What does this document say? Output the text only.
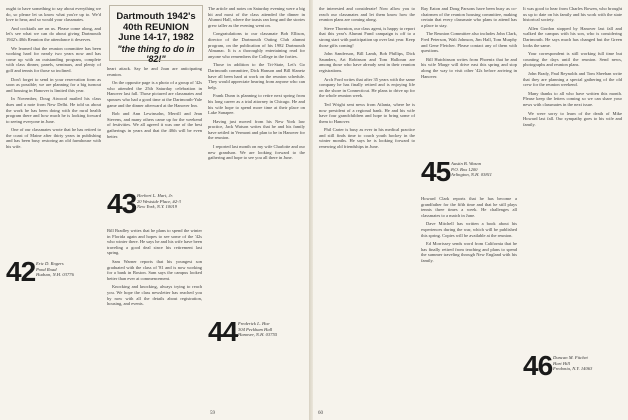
ought to have something to say about everything we do, so please let us know what you're up to. We'd love to hear, and so would your classmates.

And cocktails are on us. Please come along, and let's see what we can do about giving Dartmouth 1942's 40th Reunion the attendance it deserves.

We learned that the reunion committee has been working hard for nearly two years now and has come up with an outstanding program, complete with class dinner, panels, seminars, and plenty of golf and tennis for those so inclined.

Don't forget to send in your reservation form as soon as possible; we are planning for a big turnout and housing in Hanover is limited this year.

In November, Doug Atwood mailed his class dues and a note from New Delhi. He told us about the work he has been doing with the rural health program there and how much he is looking forward to seeing everyone in June.

One of our classmates wrote that he has retired to the coast of Maine after thirty years in publishing and has been busy restoring an old farmhouse with his wife.

heart attack. Say he and Joan are anticipating reunion.

On the opposite page is a photo of a group of '42s who attended the 25th Saturday celebration in Hanover last fall. Those pictured are classmates and spouses who had a good time at the Dartmouth-Yale game and the dinner afterward at the Hanover Inn.

Bob and Ann Lewinsohn, Merrill and Jean Stevens, and many others came up for the weekend of festivities. We all agreed it was one of the best gatherings in years and that the 40th will be even better.

Bill Bradley writes that he plans to spend the winter in Florida again and hopes to see some of the '42s who winter there. He says he and his wife have been traveling a good deal since his retirement last spring.

Sam Warner reports that his youngest son graduated with the class of '81 and is now working for a bank in Boston. Sam says the campus looked better than ever at commencement.

Knocking and knocking, always trying to reach you. We hope the class newsletter has reached you by now with all the details about registration, housing, and events.

The article and notes on Saturday evening were a big hit and most of the class attended the dinner in Alumni Hall, where the toasts ran long and the stories grew taller as the evening went on.

Congratulations to our classmate Bob Ellison, director of the Dartmouth Outing Club alumni program, on the publication of his 1982 Dartmouth Almanac. It is a thoroughly entertaining read for anyone who remembers the College in the forties.

Those in addition to the Tri-State, Let's Go Dartmouth committee, Dick Hanson and Bill Slanetz have all been hard at work on the reunion schedule. They would appreciate hearing from anyone who can help.

Frank Dunn is planning to retire next spring from his long career as a trial attorney in Chicago. He and his wife hope to spend more time at their place on Lake Sunapee.

Having just moved from his New York law practice, Jack Watson writes that he and his family have settled in Vermont and plan to be in Hanover for the reunion.

I reported last month on my wife Charlotte and our new grandson. We are looking forward to the gathering and hope to see you all there in June.

the interested and considerate! Now allow you to reach our classmates and let them know how the reunion plans are coming along.

Steve Thornton, our class agent, is happy to report that this year's Alumni Fund campaign is off to a strong start with participation up over last year. Keep those gifts coming!

John Sanderson, Bill Lamb, Bob Phillips, Dick Saunders, Art Robinson and Tom Halloran are among those who have already sent in their reunion registrations.

Arch Ford writes that after 35 years with the same company he has finally retired and is enjoying life on the shore in Connecticut. He plans to drive up for the whole reunion week.

Ted Wright sent news from Atlanta, where he is now president of a regional bank. He and his wife have four grandchildren and hope to bring some of them to Hanover.

Phil Carter is busy as ever in his medical practice and still finds time to coach youth hockey in the winter months. He says he is looking forward to renewing old friendships in June.

Ray Eaton and Doug Parsons have been busy as co-chairmen of the reunion housing committee, making certain that every classmate who plans to attend has a place to stay.

The Reunion Committee also includes John Clark, Fred Peterson, Walt Johnson, Jim Hall, Tom Murphy and Gene Fletcher. Please contact any of them with questions.

Bill Hutchinson writes from Phoenix that he and his wife Marge will drive east this spring and stop along the way to visit other '42s before arriving in Hanover.

Howard Clark reports that he has become a grandfather for the fifth time and that he still plays tennis three times a week. He challenges all classmates to a match in June.

Dave Mitchell has written a book about his experiences during the war, which will be published this spring. Copies will be available at the reunion.

Ed Morrissey sends word from California that he has finally retired from teaching and plans to spend the summer traveling through New England with his family.

It was good to hear from Charles Bowen, who brought us up to date on his family and his work with the state historical society.

Allen Gordon stopped by Hanover last fall and walked the campus with his son, who is considering Dartmouth. He says much has changed but the Green looks the same.

Your correspondent is still working full time but counting the days until the reunion. Send news, photographs and reunion plans.

John Brady, Paul Reynolds and Tom Sheehan write that they are planning a special gathering of the old crew for the reunion weekend.

Many thanks to all who have written this month. Please keep the letters coming so we can share your news with classmates in the next issue.

We were sorry to learn of the death of Mike Howard last fall. Our sympathy goes to his wife and family.

Dartmouth 1942's
40th REUNION
June 14-17, 1982
"the thing to do in '82!"
42 Eric D. Rogers
Pond Road
Hudson, N.H. 03776
43 Herbert L. Hart, Jr.
20 Westside Place, #2-3
New York, N.Y. 10019
44 Frederick L. Hoe
304 Peckham Hall
Hanover, N.H. 03755
45 Austin B. Wason
P.O. Box 1200
Arlington, N.H. 03811
46 Duncan M. Fitchet
Hart Hill
Fredonia, N.Y. 14063
59	60
